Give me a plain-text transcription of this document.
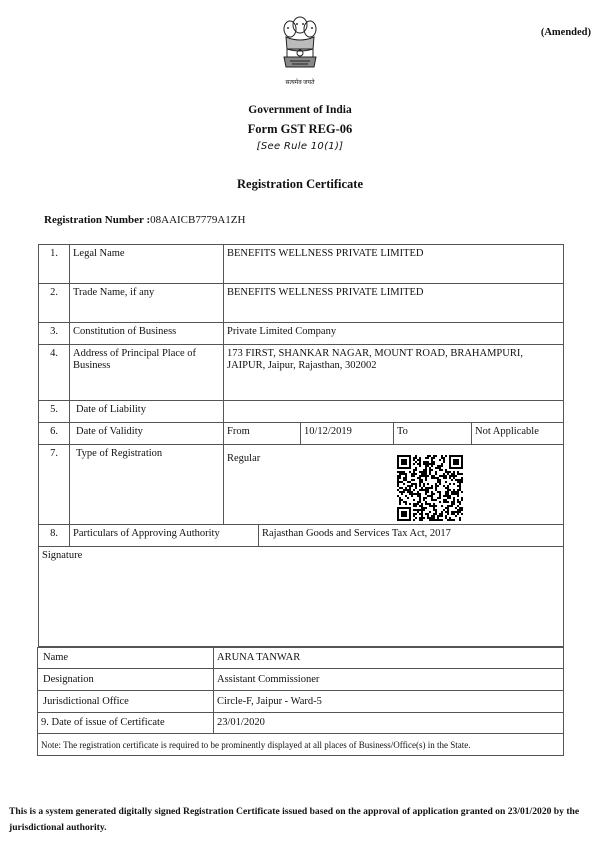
(Amended)
सत्यमेव जयते
Government of India
Form GST REG-06
[See Rule 10(1)]
Registration Certificate
Registration Number :08AAICB7779A1ZH
1.	Legal Name	BENEFITS WELLNESS PRIVATE LIMITED				
2.	Trade Name, if any	BENEFITS WELLNESS PRIVATE LIMITED				
3.	Constitution of Business	Private Limited Company				
4.	Address of Principal Place of Business	173 FIRST, SHANKAR NAGAR, MOUNT ROAD, BRAHAMPURI, JAIPUR, Jaipur, Rajasthan, 302002				
5.	Date of Liability					
6.	Date of Validity	From		10/12/2019	To	Not Applicable
7.	Type of Registration	Regular				

8.	Particulars of Approving Authority		Rajasthan Goods and Services Tax Act, 2017			
Signature						
Name	ARUNA TANWAR
Designation	Assistant Commissioner
Jurisdictional Office	Circle-F, Jaipur - Ward-5
9. Date of issue of Certificate	23/01/2020
Note: The registration certificate is required to be prominently displayed at all places of Business/Office(s) in the State.	
This is a system generated digitally signed Registration Certificate issued based on the approval of application granted on 23/01/2020 by the jurisdictional authority.
